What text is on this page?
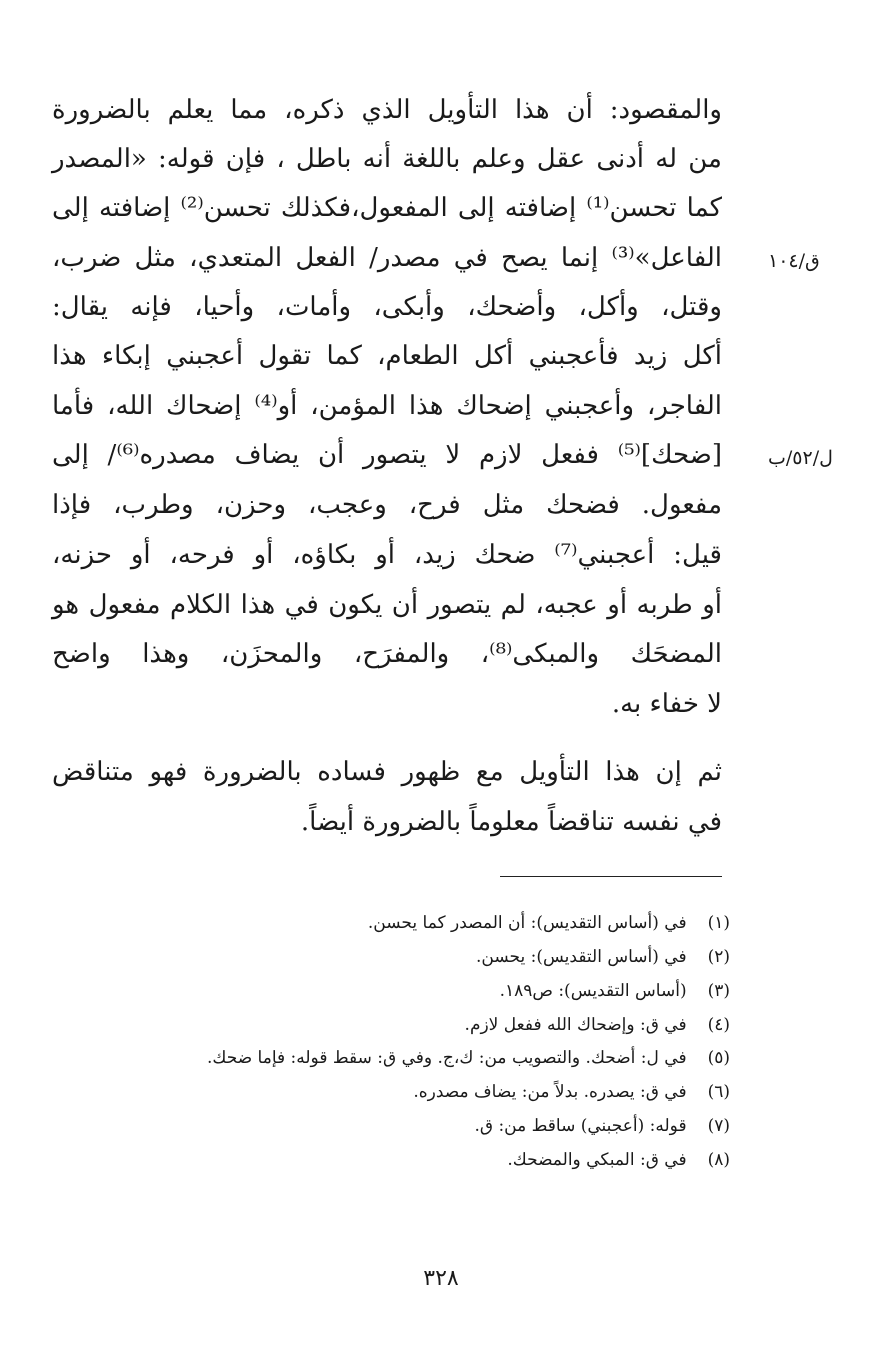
والمقصود: أن هذا التأويل الذي ذكره، مما يعلم بالضرورة
من له أدنى عقل وعلم باللغة أنه باطل ، فإن قوله: «المصدر
كما تحسن⁽¹⁾ إضافته إلى المفعول،فكذلك تحسن⁽²⁾ إضافته إلى
الفاعل»⁽³⁾ إنما يصح في مصدر/ الفعل المتعدي، مثل ضرب،
وقتل، وأكل، وأضحك، وأبكى، وأمات، وأحيا، فإنه يقال:
أكل زيد فأعجبني أكل الطعام، كما تقول أعجبني إبكاء هذا
الفاجر، وأعجبني إضحاك هذا المؤمن، أو⁽⁴⁾ إضحاك الله، فأما
[ضحك]⁽⁵⁾ ففعل لازم لا يتصور أن يضاف مصدره⁽⁶⁾/ إلى
مفعول. فضحك مثل فرح، وعجب، وحزن، وطرب، فإذا
قيل: أعجبني⁽⁷⁾ ضحك زيد، أو بكاؤه، أو فرحه، أو حزنه،
أو طربه أو عجبه، لم يتصور أن يكون في هذا الكلام مفعول هو
المضحَك والمبكى⁽⁸⁾، والمفرَح، والمحزَن، وهذا واضح
لا خفاء به.
ثم إن هذا التأويل مع ظهور فساده بالضرورة فهو متناقض
في نفسه تناقضاً معلوماً بالضرورة أيضاً.
ق/١٠٤
ل/٥٢/ب
(١) في (أساس التقديس): أن المصدر كما يحسن.
(٢) في (أساس التقديس): يحسن.
(٣) (أساس التقديس): ص١٨٩.
(٤) في ق: وإضحاك الله ففعل لازم.
(٥) في ل: أضحك. والتصويب من: ك،ج. وفي ق: سقط قوله: فإما ضحك.
(٦) في ق: يصدره. بدلاً من: يضاف مصدره.
(٧) قوله: (أعجبني) ساقط من: ق.
(٨) في ق: المبكي والمضحك.
٣٢٨
